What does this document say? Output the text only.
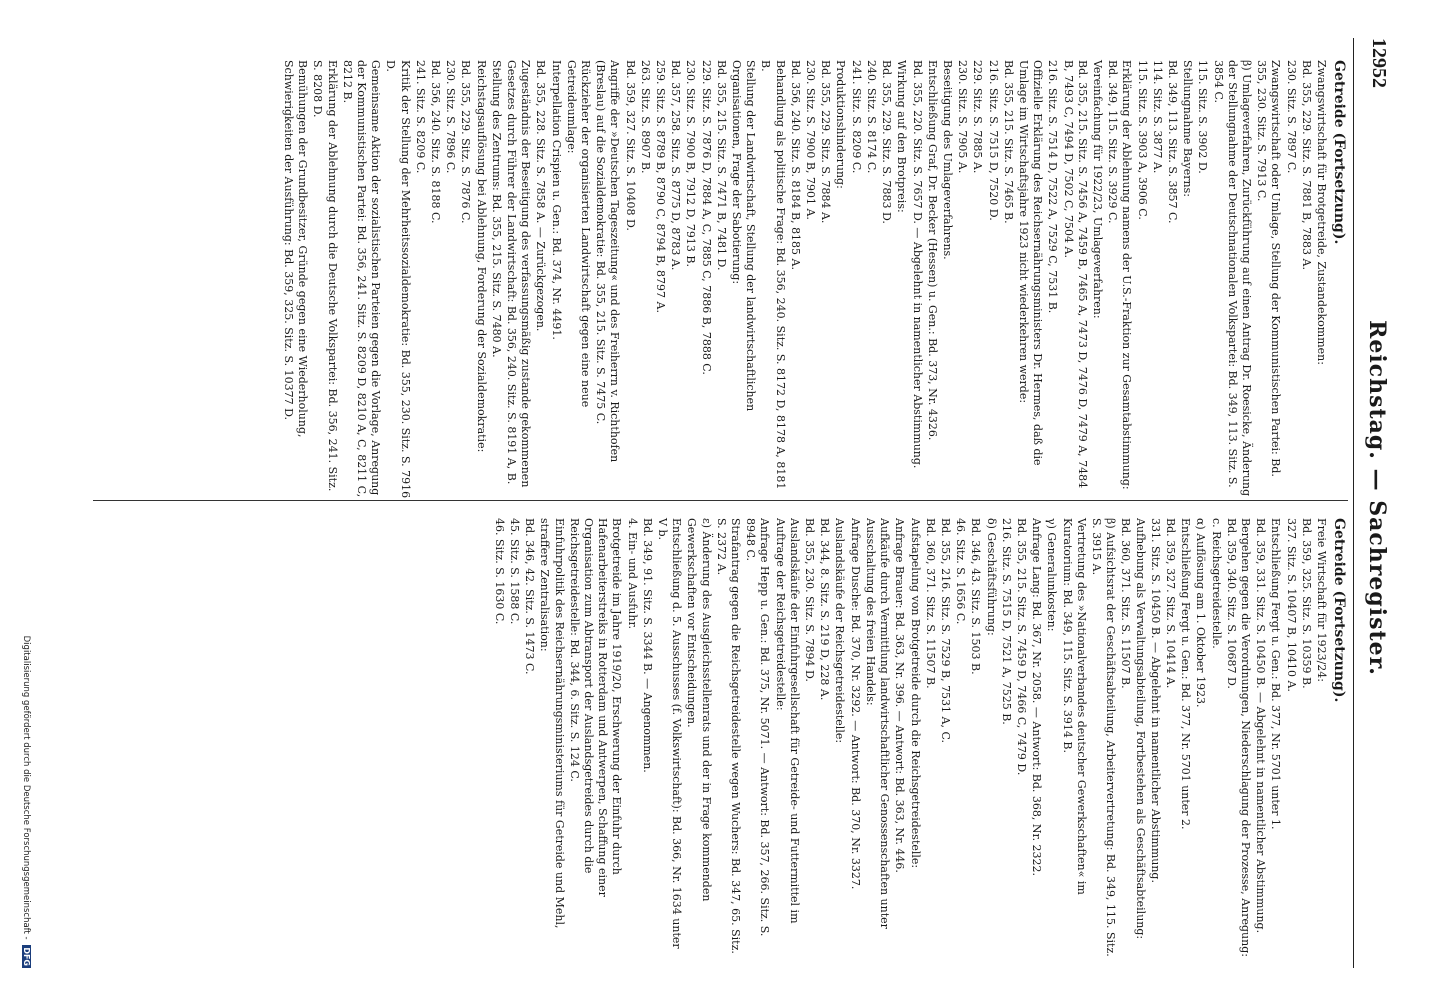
12952
Reichstag. — Sachregister.
Getreide (Fortsetzung).
Zwangswirtschaft für Brotgetreide, Zustandekommen:
Bd. 355, 229. Sitz. S. 7881 B, 7883 A.
230. Sitz. S. 7897 C.
Zwangswirtschaft oder Umlage, Stellung der Kommunistischen Partei: Bd. 355, 230. Sitz. S. 7913 C.
β) Umlageverfahren, Zurückführung auf einen Antrag Dr. Roesicke, Änderung der Stellungnahme der Deutschnationalen Volkspartei: Bd. 349, 113. Sitz. S. 3854 C.
115. Sitz. S. 3902 D.
Stellungnahme Bayerns:
Bd. 349, 113. Sitz. S. 3857 C.
114. Sitz. S. 3877 A.
115. Sitz. S. 3903 A, 3906 C.
Erklärung der Ablehnung namens der U.S.-Fraktion zur Gesamtabstimmung: Bd. 349, 115. Sitz. S. 3929 C.
Vereinfachung für 1922/23, Umlageverfahren:
Bd. 355, 215. Sitz. S. 7456 A, 7459 B, 7465 A, 7473 D, 7476 D, 7479 A, 7484 B, 7493 C, 7494 D, 7502 C, 7504 A.
216. Sitz. S. 7514 D, 7522 A, 7529 C, 7531 B.
Offizielle Erklärung des Reichsernährungsministers Dr. Hermes, daß die Umlage im Wirtschaftsjahre 1923 nicht wiederkehren werde:
Bd. 355, 215. Sitz. S. 7465 B.
216. Sitz. S. 7515 D, 7520 D.
229. Sitz. S. 7885 A.
230. Sitz. S. 7905 A.
Beseitigung des Umlageverfahrens.
Entschließung Graf, Dr. Becker (Hessen) u. Gen.: Bd. 373, Nr. 4326.
Bd. 355, 220. Sitz. S. 7657 D. — Abgelehnt in namentlicher Abstimmung.
Wirkung auf den Brotpreis:
Bd. 355, 229. Sitz. S. 7883 D.
240. Sitz. S. 8174 C.
241. Sitz. S. 8209 C.
Produktionshinderung:
Bd. 355, 229. Sitz. S. 7884 A.
230. Sitz. S. 7900 B, 7901 A.
Bd. 356, 240. Sitz. S. 8184 B, 8185 A.
Behandlung als politische Frage: Bd. 356, 240. Sitz. S. 8172 D, 8178 A, 8181 B.
Stellung der Landwirtschaft, Stellung der landwirtschaftlichen Organisationen, Frage der Sabotierung:
Bd. 355, 215. Sitz. S. 7471 B, 7481 D.
229. Sitz. S. 7876 D, 7884 A, C, 7885 C, 7886 B, 7888 C.
230. Sitz. S. 7900 B, 7912 D, 7913 B.
Bd. 357, 258. Sitz. S. 8775 D, 8783 A.
259. Sitz. S. 8789 B, 8790 C, 8794 B, 8797 A.
263. Sitz. S. 8907 B.
Bd. 359, 327. Sitz. S. 10408 D.
Angriffe der »Deutschen Tageszeitung« und des Freiherrn v. Richthofen (Breslau) auf die Sozialdemokratie: Bd. 355, 215. Sitz. S. 7475 C.
Rückzieher der organisierten Landwirtschaft gegen eine neue Getreideumlage:
Interpellation Crispien u. Gen.: Bd. 374, Nr. 4491.
Bd. 355, 228. Sitz. S. 7858 A. — Zurückgezogen.
Zugeständnis der Beseitigung des verfassungsmäßig zustande gekommenen Gesetzes durch Führer der Landwirtschaft: Bd. 356, 240. Sitz. S. 8191 A, B.
Stellung des Zentrums: Bd. 355, 215. Sitz. S. 7480 A.
Reichstagsauflösung bei Ablehnung, Forderung der Sozialdemokratie:
Bd. 355, 229. Sitz. S. 7876 C.
230. Sitz. S. 7896 C.
Bd. 356, 240. Sitz. S. 8188 C.
241. Sitz. S. 8209 C.
Kritik der Stellung der Mehrheitssozialdemokratie: Bd. 355, 230. Sitz. S. 7916 D.
Gemeinsame Aktion der sozialistischen Parteien gegen die Vorlage, Anregung der Kommunistischen Partei: Bd. 356, 241. Sitz. S. 8209 D, 8210 A, C, 8211 C, 8212 B.
Erklärung der Ablehnung durch die Deutsche Volkspartei: Bd. 356, 241. Sitz. S. 8208 D.
Bemühungen der Grundbesitzer, Gründe gegen eine Wiederholung, Schwierigkeiten der Ausführung: Bd. 359, 325. Sitz. S. 10377 D.
Getreide (Fortsetzung).
Freie Wirtschaft für 1923/24:
Bd. 359, 325. Sitz. S. 10359 B.
327. Sitz. S. 10407 B, 10410 A.
Entschließung Fergt u. Gen.: Bd. 377, Nr. 5701 unter 1.
Bd. 359, 331. Sitz. S. 10450 B. — Abgelehnt in namentlicher Abstimmung.
Bergehen gegen die Verordnungen, Niederschlagung der Prozesse, Anregung: Bd. 359, 340. Sitz. S. 10687 D.
c. Reichsgetreidestelle.
α) Auflösung am 1. Oktober 1923.
Entschließung Fergt u. Gen.: Bd. 377, Nr. 5701 unter 2.
Bd. 359, 327. Sitz. S. 10414 A.
331. Sitz. S. 10450 B. — Abgelehnt in namentlicher Abstimmung.
Aufhebung als Verwaltungsabteilung, Fortbestehen als Geschäftsabteilung: Bd. 360, 371. Sitz. S. 11507 B.
β) Aufsichtsrat der Geschäftsabteilung, Arbeitervertretung: Bd. 349, 115. Sitz. S. 3915 A.
Vertretung des »Nationalverbandes deutscher Gewerkschaften« im Kuratorium: Bd. 349, 115. Sitz. S. 3914 B.
γ) Generalunkosten:
Anfrage Lang: Bd. 367, Nr. 2058. — Antwort: Bd. 368, Nr. 2322.
Bd. 355, 215. Sitz. S. 7459 D, 7466 C, 7479 D.
216. Sitz. S. 7515 D, 7521 A, 7525 B.
δ) Geschäftsführung:
Bd. 346, 43. Sitz. S. 1503 B.
46. Sitz. S. 1656 C.
Bd. 355, 216. Sitz. S. 7529 B, 7531 A, C.
Bd. 360, 371. Sitz. S. 11507 B.
Aufstapelung von Brotgetreide durch die Reichsgetreidestelle:
Anfrage Brauer: Bd. 363, Nr. 396. — Antwort: Bd. 363, Nr. 446.
Aufkäufe durch Vermittlung landwirtschaftlicher Genossenschaften unter Ausschaltung des freien Handels:
Anfrage Dusche: Bd. 370, Nr. 3292. — Antwort: Bd. 370, Nr. 3327.
Auslandskäufe der Reichsgetreidestelle:
Bd. 344, 8. Sitz. S. 219 D, 228 A.
Bd. 355, 230. Sitz. S. 7894 D.
Auslandskäufe der Einfuhrgesellschaft für Getreide- und Futtermittel im Auftrage der Reichsgetreidestelle:
Anfrage Hepp u. Gen.: Bd. 375, Nr. 5071. — Antwort: Bd. 357, 266. Sitz. S. 8948 C.
Strafantrag gegen die Reichsgetreidestelle wegen Wuchers: Bd. 347, 65. Sitz. S. 2372 A.
ε) Änderung des Ausgleichsstellenrats und der in Frage kommenden Gewerkschaften vor Entscheidungen.
Entschließung d. 5. Ausschusses (f. Volkswirtschaft): Bd. 366, Nr. 1634 unter V b.
Bd. 349, 91. Sitz. S. 3344 B. — Angenommen.
4. Ein- und Ausfuhr.
Brotgetreide im Jahre 1919/20, Erschwerung der Einfuhr durch Hafenarbeiterstreiks in Rotterdam und Antwerpen, Schaffung einer Organisation zum Abtransport der Auslandsgetreides durch die Reichsgetreidestelle: Bd. 344, 6. Sitz. S. 124 C.
Einfuhrpolitik des Reichsernährungsministeriums für Getreide und Mehl, straffere Zentralisation:
Bd. 346, 42. Sitz. S. 1473 C.
45. Sitz. S. 1588 C.
46. Sitz. S. 1630 C.
Digitalisierung gefördert durch die Deutsche Forschungsgemeinschaft - DFG
